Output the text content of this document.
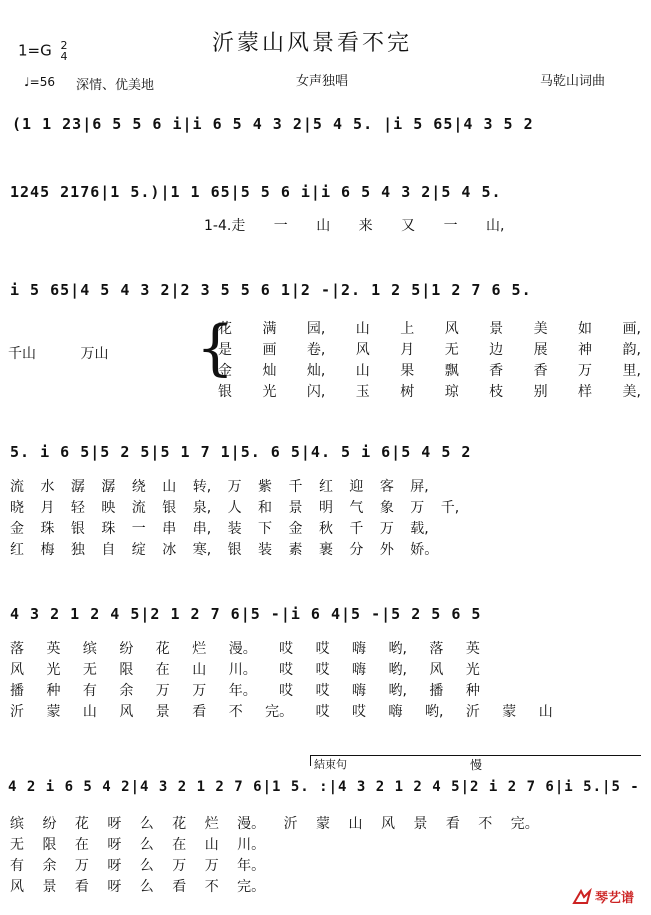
沂蒙山风景看不完
1=G 2
4
♩=56 深情、优美地	女声独唱	马乾山词曲
(1 1 23|6 5 5 6 i|i 6 5 4 3 2|5 4 5. |i 5 65|4 3 5 2
1245 2176|1 5.)|1 1 65|5 5 6 i|i 6 5 4 3 2|5 4 5.
1-4.走 一 山 来 又 一 山,
i 5 65|4 5 4 3 2|2 3 5 5 6 1|2 -|2. 1 2 5|1 2 7 6 5.
千山 万山 {
花 满 园, 山 上 风 景 美 如 画,
是 画 卷, 风 月 无 边 展 神 韵,
金 灿 灿, 山 果 飘 香 香 万 里,
银 光 闪, 玉 树 琼 枝 别 样 美,
5. i 6 5|5 2 5|5 1 7 1|5. 6 5|4. 5 i 6|5 4 5 2
流 水 潺 潺 绕 山 转, 万 紫 千 红 迎 客 屏,
晓 月 轻 映 流 银 泉, 人 和 景 明 气 象 万 千,
金 珠 银 珠 一 串 串, 装 下 金 秋 千 万 载,
红 梅 独 自 绽 冰 寒, 银 装 素 裹 分 外 娇。
4 3 2 1 2 4 5|2 1 2 7 6|5 -|i 6 4|5 -|5 2 5 6 5
落 英 缤 纷 花 烂 漫。 哎 哎 嗨 哟, 落 英
风 光 无 限 在 山 川。 哎 哎 嗨 哟, 风 光
播 种 有 余 万 万 年。 哎 哎 嗨 哟, 播 种
沂 蒙 山 风 景 看 不 完。 哎 哎 嗨 哟, 沂 蒙 山
結束句	慢
4 2 i 6 5 4 2|4 3 2 1 2 7 6|1 5. :|4 3 2 1 2 4 5|2 i 2 7 6|i 5.|5 -
缤 纷 花 呀 么 花 烂 漫。 沂 蒙 山 风 景 看 不 完。
无 限 在 呀 么 在 山 川。
有 余 万 呀 么 万 万 年。
风 景 看 呀 么 看 不 完。
琴艺谱
